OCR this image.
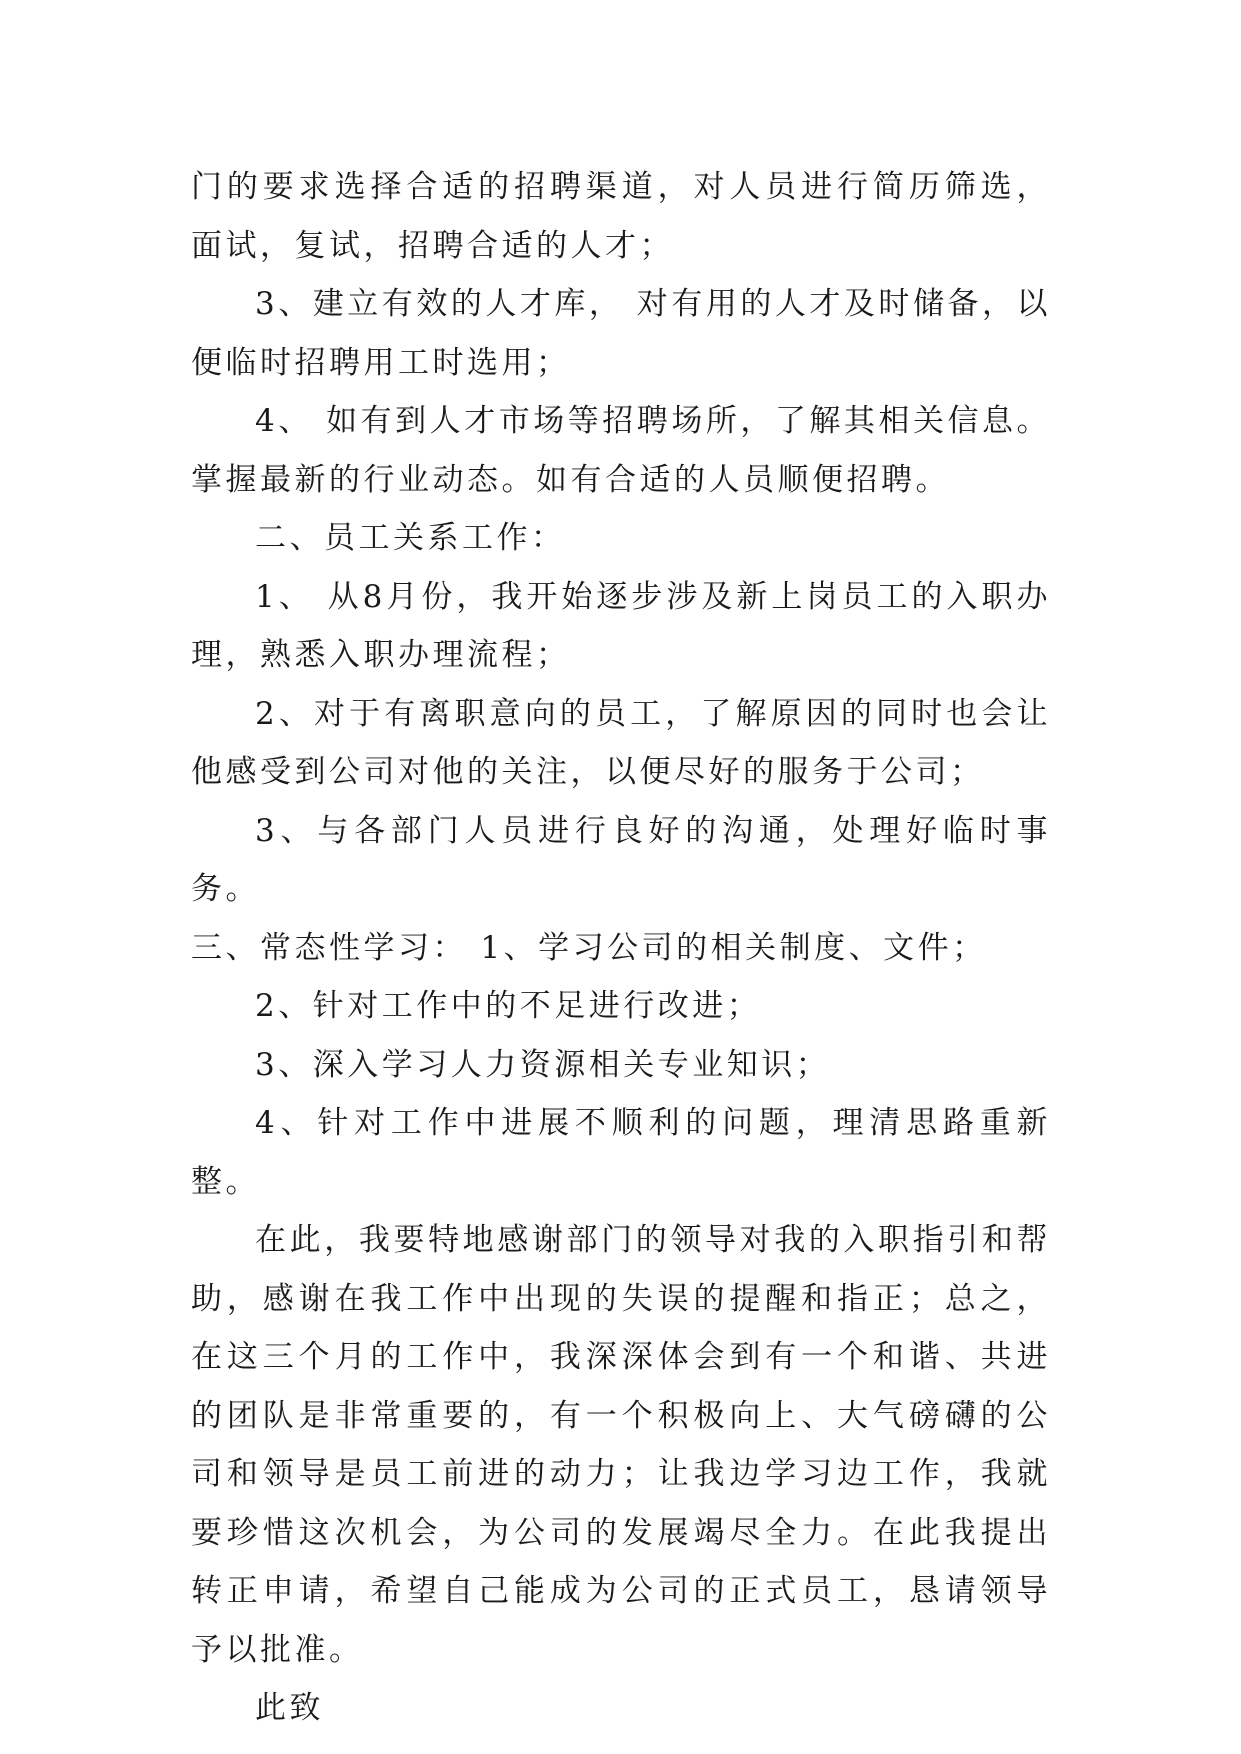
门的要求选择合适的招聘渠道，对人员进行简历筛选，面试，复试，招聘合适的人才；

3、建立有效的人才库， 对有用的人才及时储备，以便临时招聘用工时选用；

4、 如有到人才市场等招聘场所，了解其相关信息。掌握最新的行业动态。如有合适的人员顺便招聘。

二、员工关系工作：

1、 从8月份，我开始逐步涉及新上岗员工的入职办理，熟悉入职办理流程；

2、对于有离职意向的员工，了解原因的同时也会让他感受到公司对他的关注，以便尽好的服务于公司；

3、与各部门人员进行良好的沟通，处理好临时事务。

三、常态性学习： 1、学习公司的相关制度、文件；

2、针对工作中的不足进行改进；

3、深入学习人力资源相关专业知识；

4、针对工作中进展不顺利的问题，理清思路重新整。

在此，我要特地感谢部门的领导对我的入职指引和帮助，感谢在我工作中出现的失误的提醒和指正；总之，在这三个月的工作中，我深深体会到有一个和谐、共进的团队是非常重要的，有一个积极向上、大气磅礴的公司和领导是员工前进的动力；让我边学习边工作，我就要珍惜这次机会，为公司的发展竭尽全力。在此我提出转正申请，希望自己能成为公司的正式员工，恳请领导予以批准。

此致
